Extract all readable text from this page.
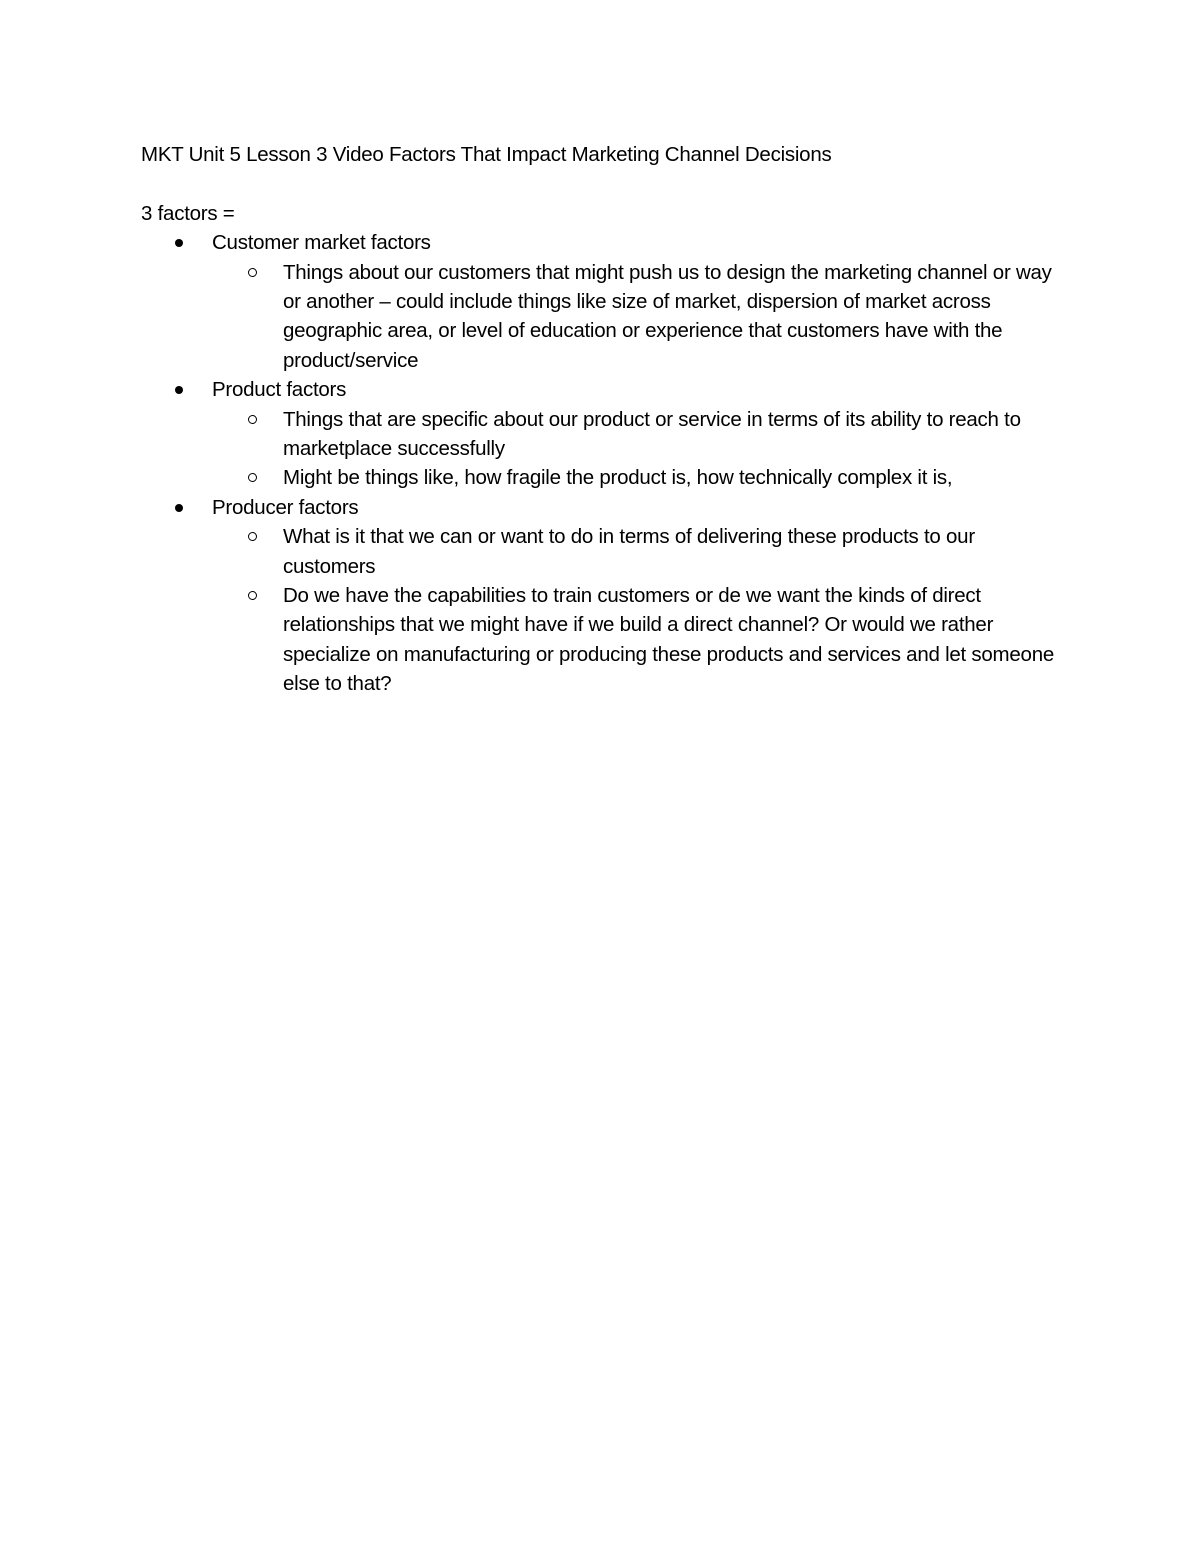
MKT Unit 5 Lesson 3 Video Factors That Impact Marketing Channel Decisions

3 factors =

Customer market factors
Things about our customers that might push us to design the marketing channel or way or another – could include things like size of market, dispersion of market across geographic area, or level of education or experience that customers have with the product/service
Product factors
Things that are specific about our product or service in terms of its ability to reach to marketplace successfully
Might be things like, how fragile the product is, how technically complex it is,
Producer factors
What is it that we can or want to do in terms of delivering these products to our customers
Do we have the capabilities to train customers or de we want the kinds of direct relationships that we might have if we build a direct channel? Or would we rather specialize on manufacturing or producing these products and services and let someone else to that?
